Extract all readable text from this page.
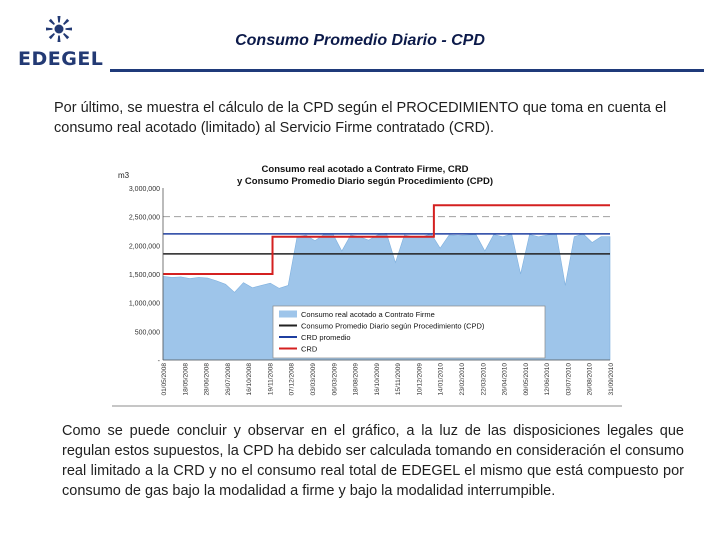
EDEGEL
Consumo Promedio Diario - CPD
Por último, se muestra el cálculo de la CPD según el PROCEDIMIENTO que toma en cuenta el consumo real acotado (limitado) al Servicio Firme contratado (CRD).
Consumo real acotado a Contrato Firme, CRD
y Consumo Promedio Diario según Procedimiento (CPD)
m3
-
500,000
1,000,000
1,500,000
2,000,000
2,500,000
3,000,000
01/05/2008 18/05/2008 28/06/2008 26/07/2008 16/10/2008 19/11/2008 07/12/2008 03/03/2009 06/03/2009 18/08/2009 16/10/2009 15/11/2009 10/12/2009 14/01/2010 23/02/2010 22/03/2010 26/04/2010 09/05/2010 12/06/2010 03/07/2010 26/08/2010 31/09/2010
Consumo real acotado a Contrato Firme
Consumo Promedio Diario según Procedimiento (CPD)
CRD promedio
CRD
Como se puede concluir y observar en el gráfico, a la luz de las disposiciones legales que regulan estos supuestos, la CPD ha debido ser calculada tomando en consideración el consumo real limitado a la CRD y no el consumo real total de EDEGEL el mismo que está compuesto por consumo de gas bajo la modalidad a firme y bajo la modalidad interrumpible.
